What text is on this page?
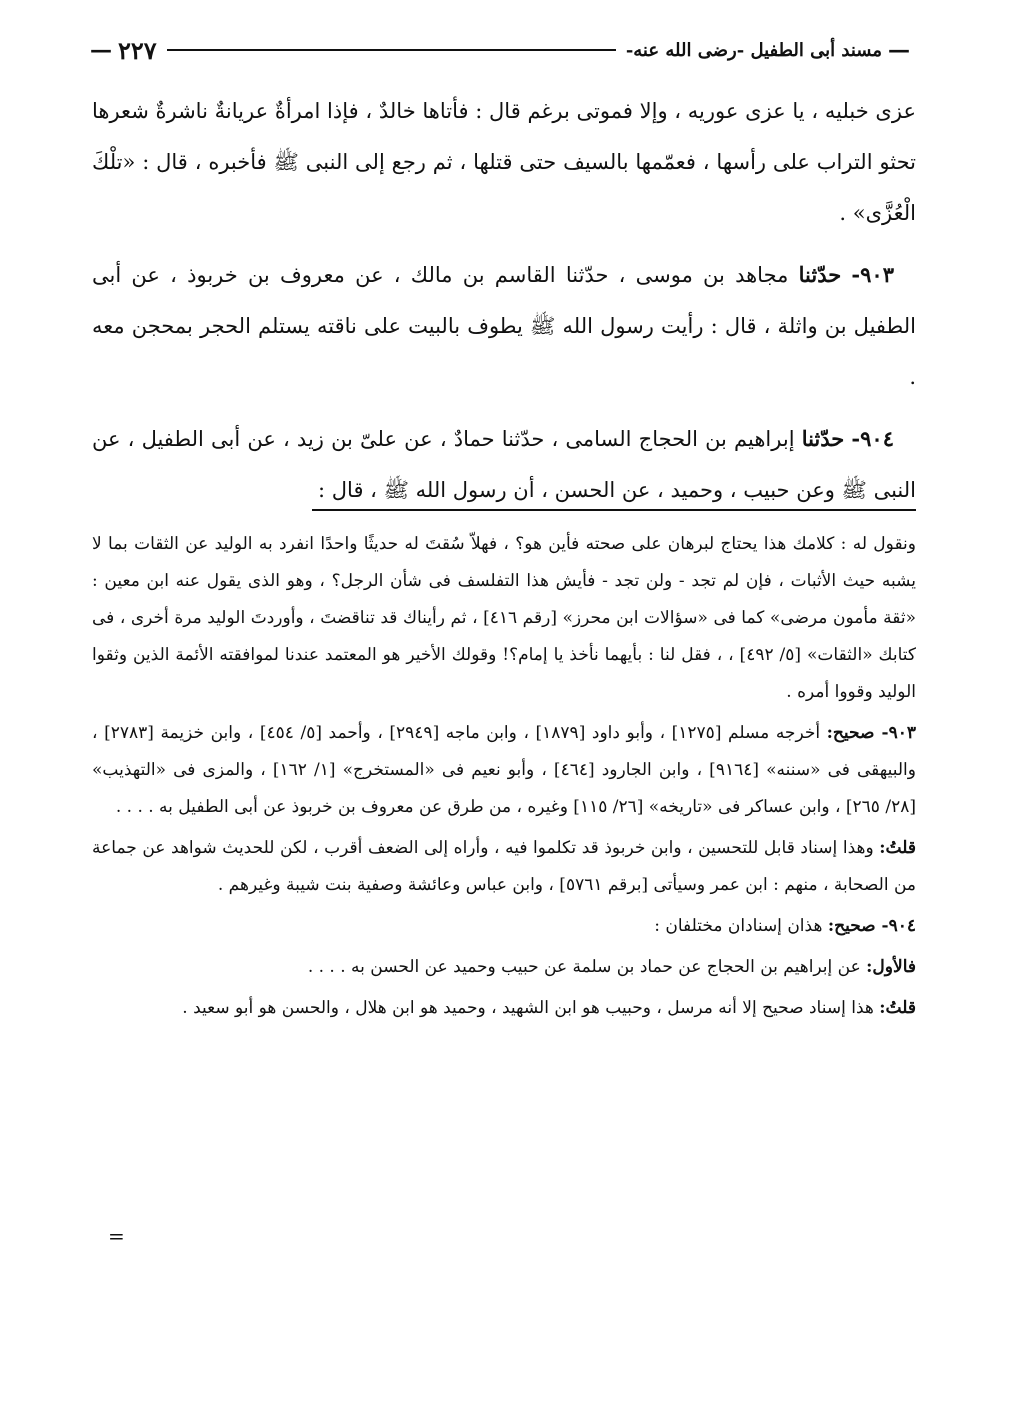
—
مسند أبى الطفيل -رضى الله عنه-
٢٢٧
—

عزى خبليه ، يا عزى عوريه ، وإلا فموتى برغم قال : فأتاها خالدٌ ، فإذا امرأةٌ عريانةٌ ناشرةٌ شعرها تحثو التراب على رأسها ، فعمّمها بالسيف حتى قتلها ، ثم رجع إلى النبى ﷺ فأخبره ، قال : «تلْكَ الْعُزَّى» .

٩٠٣- حدّثنا مجاهد بن موسى ، حدّثنا القاسم بن مالك ، عن معروف بن خربوذ ، عن أبى الطفيل بن واثلة ، قال : رأيت رسول الله ﷺ يطوف بالبيت على ناقته يستلم الحجر بمحجن معه .

٩٠٤- حدّثنا إبراهيم بن الحجاج السامى ، حدّثنا حمادٌ ، عن علىّ بن زيد ، عن أبى الطفيل ، عن النبى ﷺ وعن حبيب ، وحميد ، عن الحسن ، أن رسول الله ﷺ ، قال :

ونقول له : كلامك هذا يحتاج لبرهان على صحته فأين هو؟ ، فهلاّ سُقتَ له حديثًا واحدًا انفرد به الوليد عن الثقات بما لا يشبه حيث الأثبات ، فإن لم تجد - ولن تجد - فأيش هذا التفلسف فى شأن الرجل؟ ، وهو الذى يقول عنه ابن معين : «ثقة مأمون مرضى» كما فى «سؤالات ابن محرز» [رقم ٤١٦] ، ثم رأيناك قد تناقضتَ ، وأوردتَ الوليد مرة أخرى ، فى كتابك «الثقات» [٥/ ٤٩٢] ، ، فقل لنا : بأيهما نأخذ يا إمام؟! وقولك الأخير هو المعتمد عندنا لموافقته الأئمة الذين وثقوا الوليد وقووا أمره .

٩٠٣- صحيح: أخرجه مسلم [١٢٧٥] ، وأبو داود [١٨٧٩] ، وابن ماجه [٢٩٤٩] ، وأحمد [٥/ ٤٥٤] ، وابن خزيمة [٢٧٨٣] ، والبيهقى فى «سننه» [٩١٦٤] ، وابن الجارود [٤٦٤] ، وأبو نعيم فى «المستخرج» [١/ ١٦٢] ، والمزى فى «التهذيب» [٢٨/ ٢٦٥] ، وابن عساكر فى «تاريخه» [٢٦/ ١١٥] وغيره ، من طرق عن معروف بن خربوذ عن أبى الطفيل به . . . .

قلتُ: وهذا إسناد قابل للتحسين ، وابن خربوذ قد تكلموا فيه ، وأراه إلى الضعف أقرب ، لكن للحديث شواهد عن جماعة من الصحابة ، منهم : ابن عمر وسيأتى [برقم ٥٧٦١] ، وابن عباس وعائشة وصفية بنت شيبة وغيرهم .

٩٠٤- صحيح: هذان إسنادان مختلفان :

فالأول: عن إبراهيم بن الحجاج عن حماد بن سلمة عن حبيب وحميد عن الحسن به . . . .

قلتُ: هذا إسناد صحيح إلا أنه مرسل ، وحبيب هو ابن الشهيد ، وحميد هو ابن هلال ، والحسن هو أبو سعيد .

=
